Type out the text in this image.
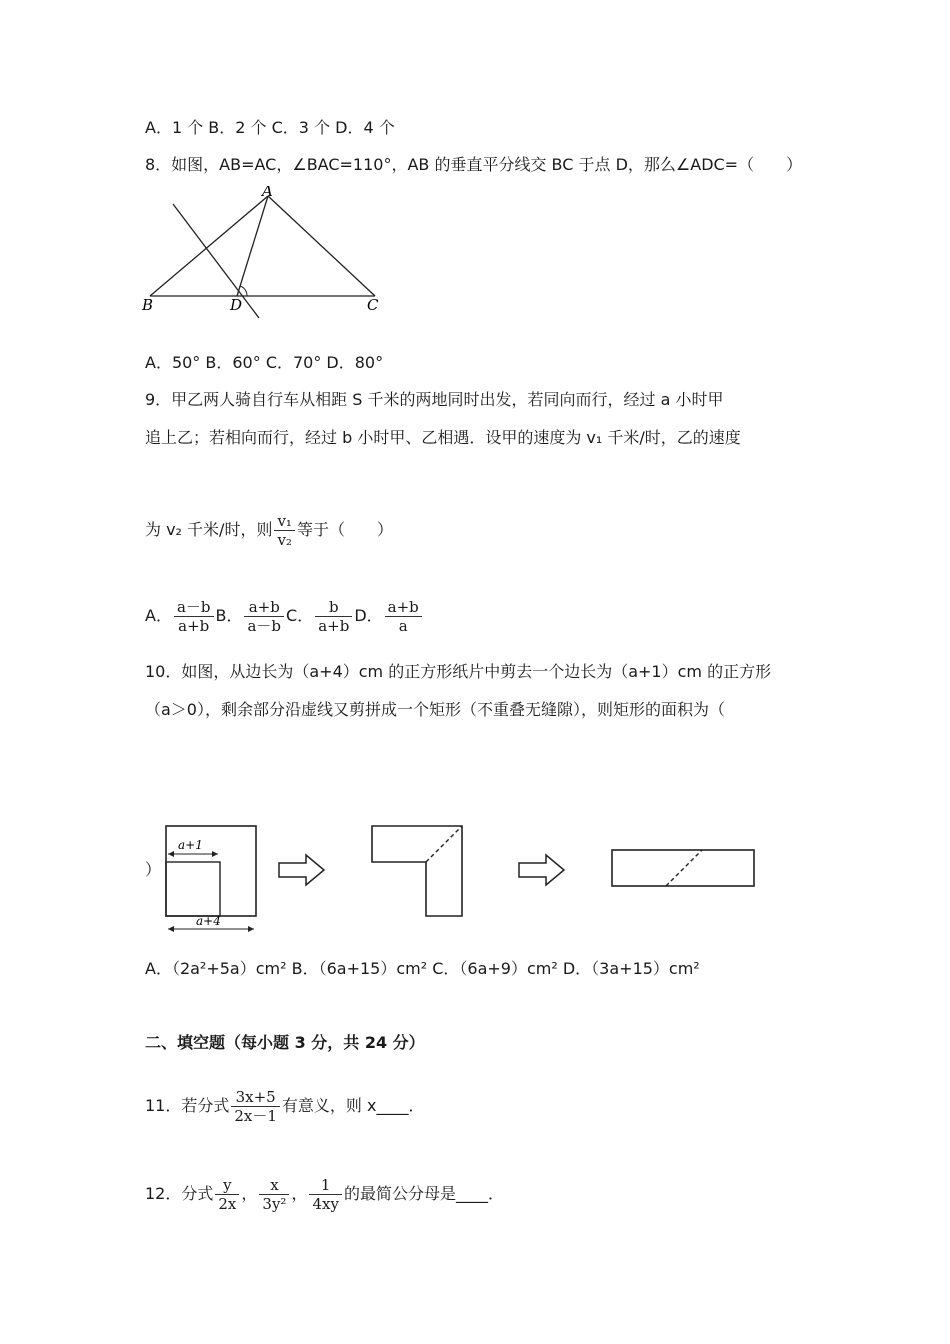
A．1 个 B．2 个 C．3 个 D．4 个
8．如图，AB=AC，∠BAC=110°，AB 的垂直平分线交 BC 于点 D，那么∠ADC=（　　）
A
B	D	C
A．50° B．60° C．70° D．80°
9．甲乙两人骑自行车从相距 S 千米的两地同时出发，若同向而行，经过 a 小时甲
追上乙；若相向而行，经过 b 小时甲、乙相遇．设甲的速度为 v₁ 千米/时，乙的速度
为 v₂ 千米/时，则 $\frac{\text{v₁}}{\text{v₂}}$ 等于（　　）
A． $\frac{a-b}{a+b}$ B． $\frac{a+b}{a-b}$ C． $\frac{b}{a+b}$ D． $\frac{a+b}{a}$
10．如图，从边长为（a+4）cm 的正方形纸片中剪去一个边长为（a+1）cm 的正方形
（a＞0），剩余部分沿虚线又剪拼成一个矩形（不重叠无缝隙），则矩形的面积为（
）
a+1
a+4
A．（2a²+5a）cm² B．（6a+15）cm² C．（6a+9）cm² D．（3a+15）cm²
二、填空题（每小题 3 分，共 24 分）
11．若分式 $\frac{3x+5}{2x-1}$ 有意义，则 x____．
12．分式 $\frac{y}{2x}$ ， $\frac{x}{\text{3y²}}$ ， $\frac{1}{4xy}$ 的最简公分母是____．
